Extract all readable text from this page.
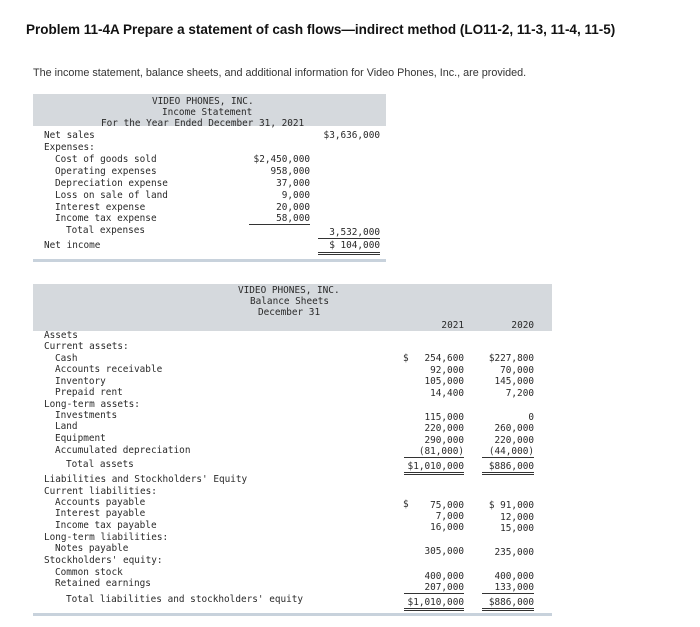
Problem 11-4A Prepare a statement of cash flows—indirect method (LO11-2, 11-3, 11-4, 11-5)
The income statement, balance sheets, and additional information for Video Phones, Inc., are provided.
VIDEO PHONES, INC.
Income Statement
For the Year Ended December 31, 2021
Net sales	$3,636,000
Expenses:
Cost of goods sold	$2,450,000
Operating expenses	958,000
Depreciation expense	37,000
Loss on sale of land	9,000
Interest expense	20,000
Income tax expense	58,000
Total expenses	3,532,000
Net income	$ 104,000
VIDEO PHONES, INC.
Balance Sheets
December 31
2021	2020
Assets
Current assets:
Cash	$	254,600	$227,800
Accounts receivable	92,000	70,000
Inventory	105,000	145,000
Prepaid rent	14,400	7,200
Long-term assets:
Investments	115,000	0
Land	220,000	260,000
Equipment	290,000	220,000
Accumulated depreciation	(81,000)	(44,000)
Total assets	$1,010,000	$886,000
Liabilities and Stockholders' Equity
Current liabilities:
Accounts payable	$	75,000	$ 91,000
Interest payable	7,000	12,000
Income tax payable	16,000	15,000
Long-term liabilities:
Notes payable	305,000	235,000
Stockholders' equity:
Common stock	400,000	400,000
Retained earnings	207,000	133,000
Total liabilities and stockholders' equity	$1,010,000	$886,000
